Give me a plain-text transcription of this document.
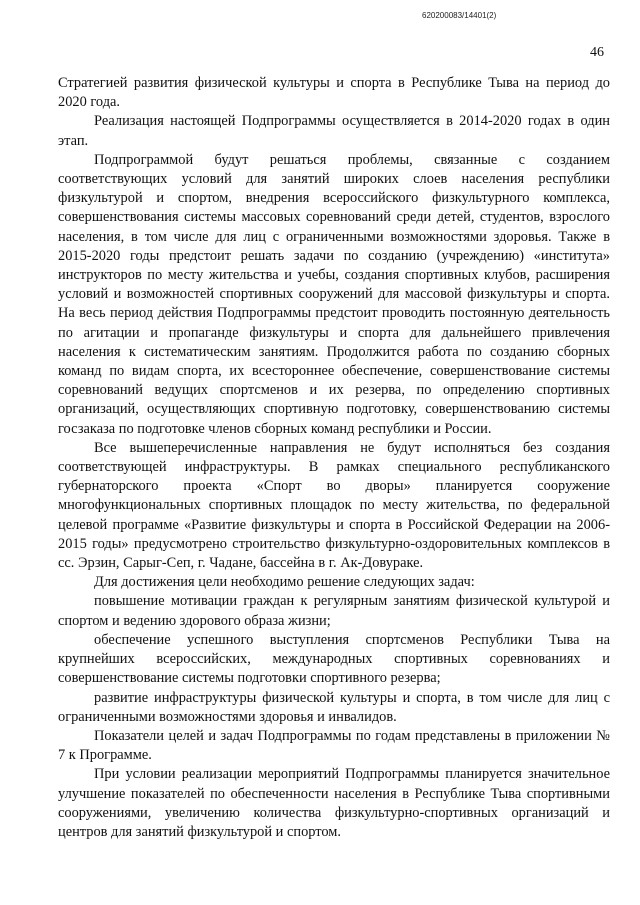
620200083/14401(2)
46

Стратегией развития физической культуры и спорта в Республике Тыва на период до 2020 года.

Реализация настоящей Подпрограммы осуществляется в 2014-2020 годах в один этап.

Подпрограммой будут решаться проблемы, связанные с созданием соответствующих условий для занятий широких слоев населения республики физкультурой и спортом, внедрения всероссийского физкультурного комплекса, совершенствования системы массовых соревнований среди детей, студентов, взрослого населения, в том числе для лиц с ограниченными возможностями здоровья. Также в 2015-2020 годы предстоит решать задачи по созданию (учреждению) «института» инструкторов по месту жительства и учебы, создания спортивных клубов, расширения условий и возможностей спортивных сооружений для массовой физкультуры и спорта. На весь период действия Подпрограммы предстоит проводить постоянную деятельность по агитации и пропаганде физкультуры и спорта для дальнейшего привлечения населения к систематическим занятиям. Продолжится работа по созданию сборных команд по видам спорта, их всестороннее обеспечение, совершенствование системы соревнований ведущих спортсменов и их резерва, по определению спортивных организаций, осуществляющих спортивную подготовку, совершенствованию системы госзаказа по подготовке членов сборных команд республики и России.

Все вышеперечисленные направления не будут исполняться без создания соответствующей инфраструктуры. В рамках специального республиканского губернаторского проекта «Спорт во дворы» планируется сооружение многофункциональных спортивных площадок по месту жительства, по федеральной целевой программе «Развитие физкультуры и спорта в Российской Федерации на 2006-2015 годы» предусмотрено строительство физкультурно-оздоровительных комплексов в сс. Эрзин, Сарыг-Сеп, г. Чадане, бассейна в г. Ак-Довураке.

Для достижения цели необходимо решение следующих задач:

повышение мотивации граждан к регулярным занятиям физической культурой и спортом и ведению здорового образа жизни;

обеспечение успешного выступления спортсменов Республики Тыва на крупнейших всероссийских, международных спортивных соревнованиях и совершенствование системы подготовки спортивного резерва;

развитие инфраструктуры физической культуры и спорта, в том числе для лиц с ограниченными возможностями здоровья и инвалидов.

Показатели целей и задач Подпрограммы по годам представлены в приложении № 7 к Программе.

При условии реализации мероприятий Подпрограммы планируется значительное улучшение показателей по обеспеченности населения в Республике Тыва спортивными сооружениями, увеличению количества физкультурно-спортивных организаций и центров для занятий физкультурой и спортом.
